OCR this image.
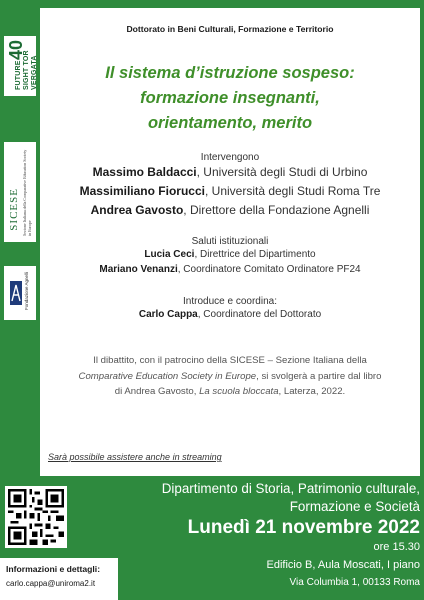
40
FUTURE SIGHT TOR VERGATA
SICESE Sezione Italiana della Comparative Education Society in Europe
Fondazione Agnelli
Dottorato in Beni Culturali, Formazione e Territorio
Il sistema d’istruzione sospeso:
formazione insegnanti,
orientamento, merito
Intervengono
Massimo Baldacci, Università degli Studi di Urbino
Massimiliano Fiorucci, Università degli Studi Roma Tre
Andrea Gavosto, Direttore della Fondazione Agnelli
Saluti istituzionali
Lucia Ceci, Direttrice del Dipartimento
Mariano Venanzi, Coordinatore Comitato Ordinatore PF24
Introduce e coordina:
Carlo Cappa, Coordinatore del Dottorato
Il dibattito, con il patrocino della SICESE – Sezione Italiana della
Comparative Education Society in Europe, si svolgerà a partire dal libro
di Andrea Gavosto, La scuola bloccata, Laterza, 2022.
Sarà possibile assistere anche in streaming
Informazioni e dettagli:
carlo.cappa@uniroma2.it
Dipartimento di Storia, Patrimonio culturale,
Formazione e Società
Lunedì 21 novembre 2022
ore 15.30
Edificio B, Aula Moscati, I piano
Via Columbia 1, 00133 Roma
